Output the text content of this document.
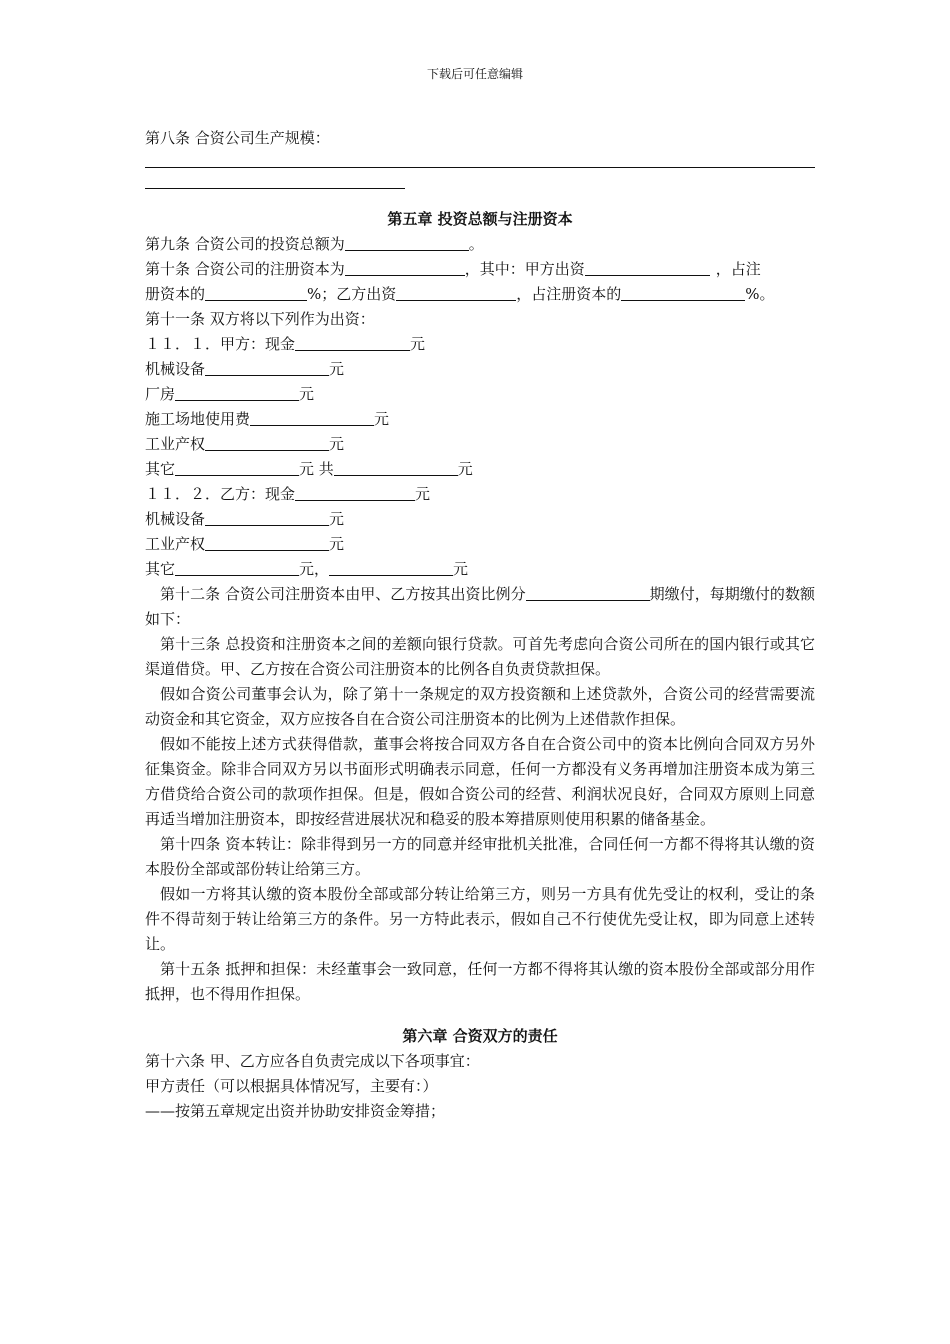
下载后可任意编辑
第八条 合资公司生产规模：
第五章 投资总额与注册资本
第九条 合资公司的投资总额为	。
第十条 合资公司的注册资本为	，其中：甲方出资	，占注
册资本的	%；乙方出资	，占注册资本的	%。
第十一条 双方将以下列作为出资：
１１．１．甲方：现金	元
机械设备	元
厂房	元
施工场地使用费	元
工业产权	元
其它	元 共	元
１１．２．乙方：现金	元
机械设备	元
工业产权	元
其它	元，	元
第十二条 合资公司注册资本由甲、乙方按其出资比例分	期缴付，每期缴付的数额如下：
第十三条 总投资和注册资本之间的差额向银行贷款。可首先考虑向合资公司所在的国内银行或其它渠道借贷。甲、乙方按在合资公司注册资本的比例各自负责贷款担保。
假如合资公司董事会认为，除了第十一条规定的双方投资额和上述贷款外，合资公司的经营需要流动资金和其它资金，双方应按各自在合资公司注册资本的比例为上述借款作担保。
假如不能按上述方式获得借款，董事会将按合同双方各自在合资公司中的资本比例向合同双方另外征集资金。除非合同双方另以书面形式明确表示同意，任何一方都没有义务再增加注册资本成为第三方借贷给合资公司的款项作担保。但是，假如合资公司的经营、利润状况良好，合同双方原则上同意再适当增加注册资本，即按经营进展状况和稳妥的股本筹措原则使用积累的储备基金。
第十四条 资本转让：除非得到另一方的同意并经审批机关批准，合同任何一方都不得将其认缴的资本股份全部或部份转让给第三方。
假如一方将其认缴的资本股份全部或部分转让给第三方，则另一方具有优先受让的权利，受让的条件不得苛刻于转让给第三方的条件。另一方特此表示，假如自己不行使优先受让权，即为同意上述转让。
第十五条 抵押和担保：未经董事会一致同意，任何一方都不得将其认缴的资本股份全部或部分用作抵押，也不得用作担保。
第六章 合资双方的责任
第十六条 甲、乙方应各自负责完成以下各项事宜：
甲方责任（可以根据具体情况写，主要有：）
——按第五章规定出资并协助安排资金筹措；
